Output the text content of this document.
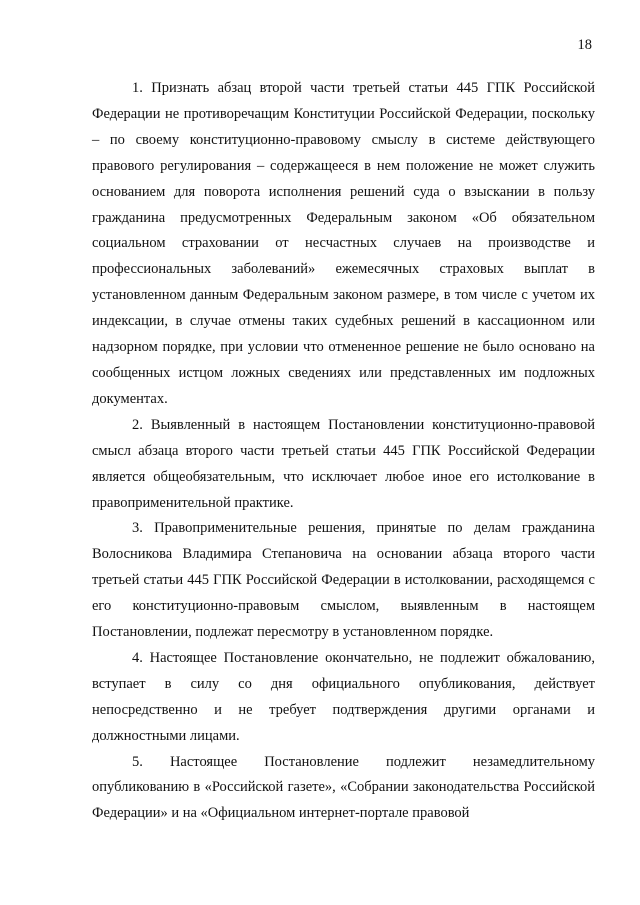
18

1. Признать абзац второй части третьей статьи 445 ГПК Российской Федерации не противоречащим Конституции Российской Федерации, поскольку – по своему конституционно-правовому смыслу в системе действующего правового регулирования – содержащееся в нем положение не может служить основанием для поворота исполнения решений суда о взыскании в пользу гражданина предусмотренных Федеральным законом «Об обязательном социальном страховании от несчастных случаев на производстве и профессиональных заболеваний» ежемесячных страховых выплат в установленном данным Федеральным законом размере, в том числе с учетом их индексации, в случае отмены таких судебных решений в кассационном или надзорном порядке, при условии что отмененное решение не было основано на сообщенных истцом ложных сведениях или представленных им подложных документах.

2. Выявленный в настоящем Постановлении конституционно-правовой смысл абзаца второго части третьей статьи 445 ГПК Российской Федерации является общеобязательным, что исключает любое иное его истолкование в правоприменительной практике.

3. Правоприменительные решения, принятые по делам гражданина Волосникова Владимира Степановича на основании абзаца второго части третьей статьи 445 ГПК Российской Федерации в истолковании, расходящемся с его конституционно-правовым смыслом, выявленным в настоящем Постановлении, подлежат пересмотру в установленном порядке.

4. Настоящее Постановление окончательно, не подлежит обжалованию, вступает в силу со дня официального опубликования, действует непосредственно и не требует подтверждения другими органами и должностными лицами.

5. Настоящее Постановление подлежит незамедлительному опубликованию в «Российской газете», «Собрании законодательства Российской Федерации» и на «Официальном интернет-портале правовой
